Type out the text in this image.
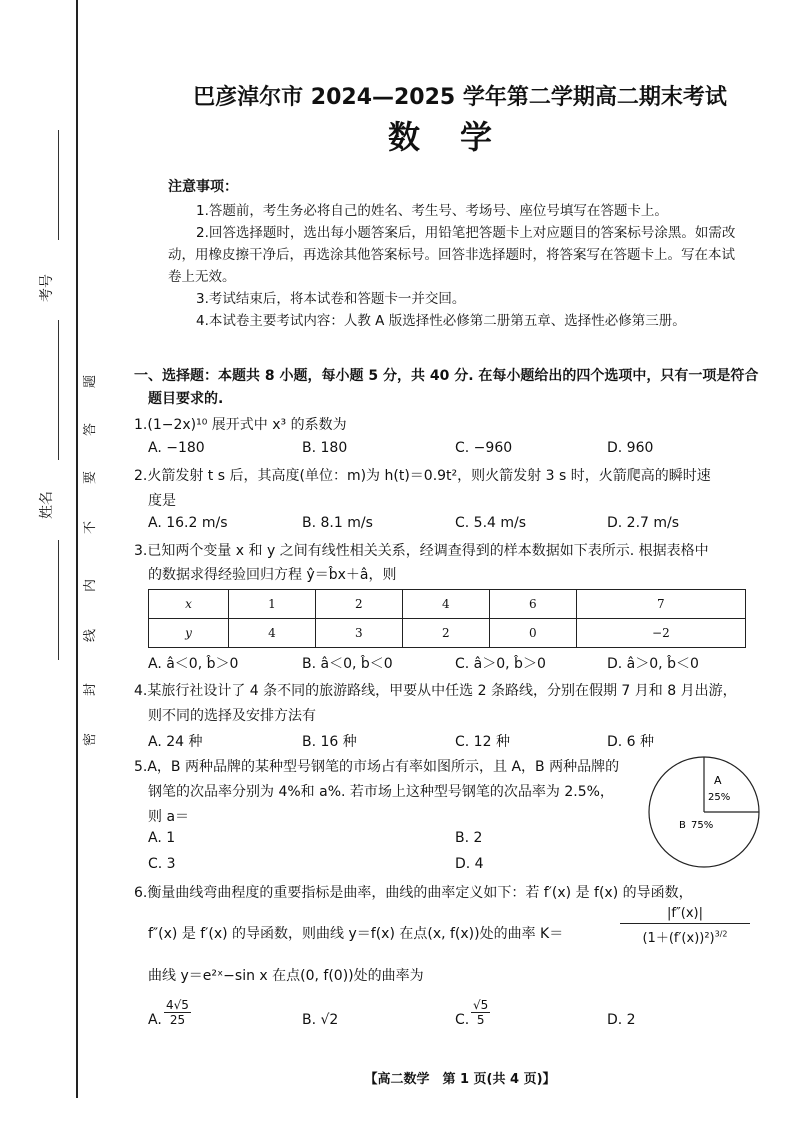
考号
姓名
题
答
要
不
内
线
封
密
巴彦淖尔市 2024—2025 学年第二学期高二期末考试
数学
注意事项：
1.答题前，考生务必将自己的姓名、考生号、考场号、座位号填写在答题卡上。
2.回答选择题时，选出每小题答案后，用铅笔把答题卡上对应题目的答案标号涂黑。如需改动，用橡皮擦干净后，再选涂其他答案标号。回答非选择题时，将答案写在答题卡上。写在本试卷上无效。
3.考试结束后，将本试卷和答题卡一并交回。
4.本试卷主要考试内容：人教 A 版选择性必修第二册第五章、选择性必修第三册。
一、选择题：本题共 8 小题，每小题 5 分，共 40 分. 在每小题给出的四个选项中，只有一项是符合
题目要求的.
1.(1−2x)¹⁰ 展开式中 x³ 的系数为
A. −180	B. 180	C. −960	D. 960
2.火箭发射 t s 后，其高度(单位：m)为 h(t)＝0.9t²，则火箭发射 3 s 时，火箭爬高的瞬时速
度是
A. 16.2 m/s	B. 8.1 m/s	C. 5.4 m/s	D. 2.7 m/s
3.已知两个变量 x 和 y 之间有线性相关关系，经调查得到的样本数据如下表所示. 根据表格中
的数据求得经验回归方程 ŷ＝b̂x＋â，则
x	1	2	4	6	7
y	4	3	2	0	−2
A. â＜0, b̂＞0	B. â＜0, b̂＜0	C. â＞0, b̂＞0	D. â＞0, b̂＜0
4.某旅行社设计了 4 条不同的旅游路线，甲要从中任选 2 条路线，分别在假期 7 月和 8 月出游，
则不同的选择及安排方法有
A. 24 种	B. 16 种	C. 12 种	D. 6 种
5.A，B 两种品牌的某种型号钢笔的市场占有率如图所示，且 A，B 两种品牌的
钢笔的次品率分别为 4%和 a%. 若市场上这种型号钢笔的次品率为 2.5%，
则 a＝
A. 1	B. 2
C. 3	D. 4
A
25%
B 75%
6.衡量曲线弯曲程度的重要指标是曲率，曲线的曲率定义如下：若 f′(x) 是 f(x) 的导函数，
f″(x) 是 f′(x) 的导函数，则曲线 y＝f(x) 在点(x, f(x))处的曲率 K＝	$\frac{|f''(x)|}{(1+(f'(x))^2)^{3/2}}$
曲线 y＝e²ˣ−sin x 在点(0, f(0))处的曲率为
A. $\frac{4√5}{25}$	B. √2	C. $\frac{√5}{5}$	D. 2
【高二数学　第 1 页(共 4 页)】
